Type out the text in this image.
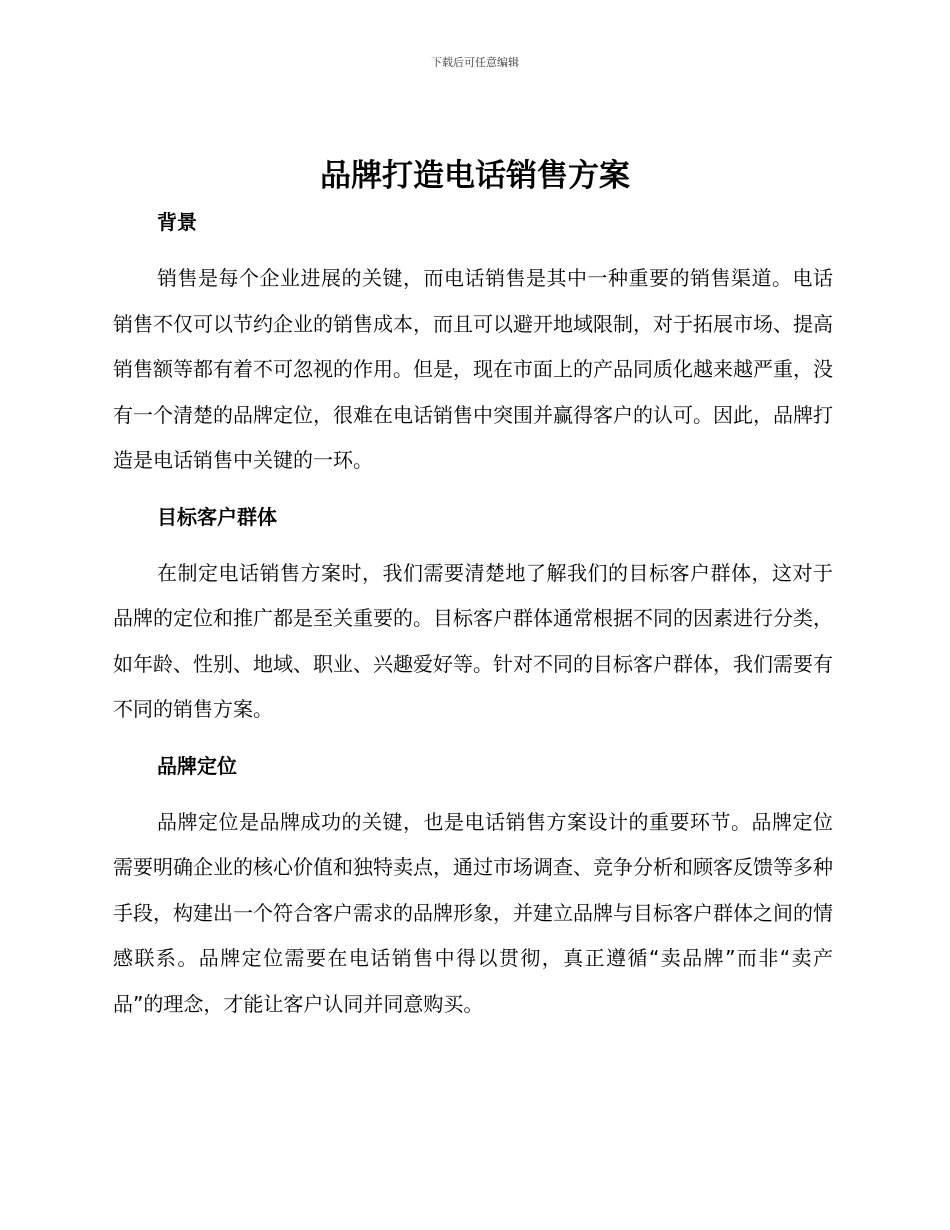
下载后可任意编辑
品牌打造电话销售方案
背景

销售是每个企业进展的关键，而电话销售是其中一种重要的销售渠道。电话销售不仅可以节约企业的销售成本，而且可以避开地域限制，对于拓展市场、提高销售额等都有着不可忽视的作用。但是，现在市面上的产品同质化越来越严重，没有一个清楚的品牌定位，很难在电话销售中突围并赢得客户的认可。因此，品牌打造是电话销售中关键的一环。

目标客户群体

在制定电话销售方案时，我们需要清楚地了解我们的目标客户群体，这对于品牌的定位和推广都是至关重要的。目标客户群体通常根据不同的因素进行分类，如年龄、性别、地域、职业、兴趣爱好等。针对不同的目标客户群体，我们需要有不同的销售方案。

品牌定位

品牌定位是品牌成功的关键，也是电话销售方案设计的重要环节。品牌定位需要明确企业的核心价值和独特卖点，通过市场调查、竞争分析和顾客反馈等多种手段，构建出一个符合客户需求的品牌形象，并建立品牌与目标客户群体之间的情感联系。品牌定位需要在电话销售中得以贯彻，真正遵循“卖品牌”而非“卖产品”的理念，才能让客户认同并同意购买。
